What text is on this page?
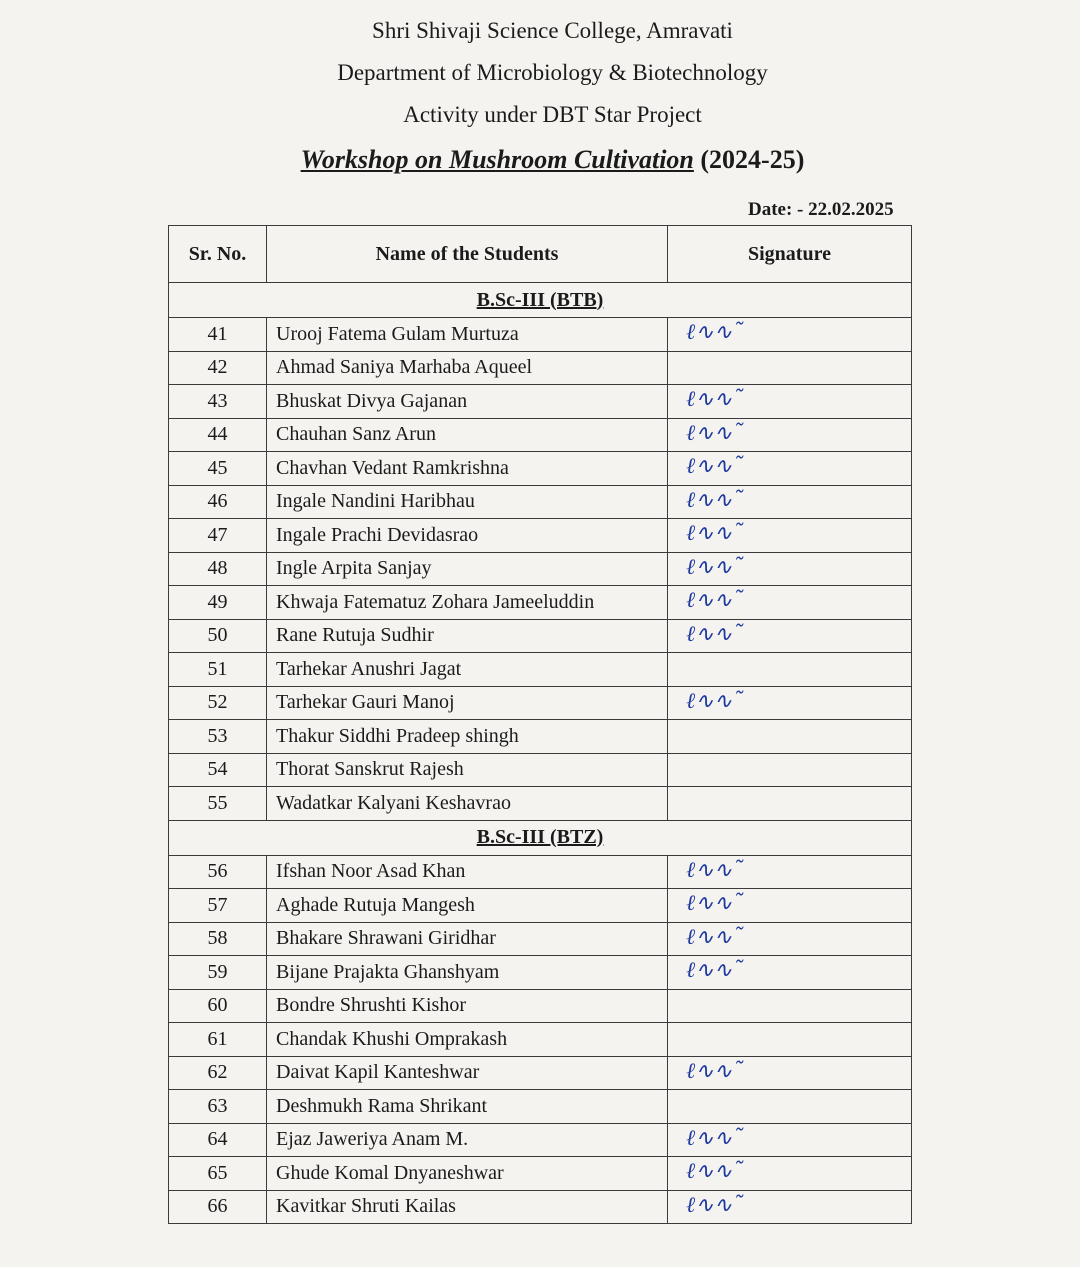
Shri Shivaji Science College, Amravati
Department of Microbiology & Biotechnology
Activity under DBT Star Project
Workshop on Mushroom Cultivation (2024-25)
Date: - 22.02.2025
Sr. No.	Name of the Students	Signature
B.Sc-III (BTB)		
41	Urooj Fatema Gulam Murtuza	ℓ∿∿˜

42	Ahmad Saniya Marhaba Aqueel	
43	Bhuskat Divya Gajanan	ℓ∿∿˜

44	Chauhan Sanz Arun	ℓ∿∿˜

45	Chavhan Vedant Ramkrishna	ℓ∿∿˜

46	Ingale Nandini Haribhau	ℓ∿∿˜

47	Ingale Prachi Devidasrao	ℓ∿∿˜

48	Ingle Arpita Sanjay	ℓ∿∿˜

49	Khwaja Fatematuz Zohara Jameeluddin	ℓ∿∿˜

50	Rane Rutuja Sudhir	ℓ∿∿˜

51	Tarhekar Anushri Jagat	
52	Tarhekar Gauri Manoj	ℓ∿∿˜

53	Thakur Siddhi Pradeep shingh	
54	Thorat Sanskrut Rajesh	
55	Wadatkar Kalyani Keshavrao	
B.Sc-III (BTZ)		
56	Ifshan Noor Asad Khan	ℓ∿∿˜

57	Aghade Rutuja Mangesh	ℓ∿∿˜

58	Bhakare Shrawani Giridhar	ℓ∿∿˜

59	Bijane Prajakta Ghanshyam	ℓ∿∿˜

60	Bondre Shrushti Kishor	
61	Chandak Khushi Omprakash	
62	Daivat Kapil Kanteshwar	ℓ∿∿˜

63	Deshmukh Rama Shrikant	
64	Ejaz Jaweriya Anam M.	ℓ∿∿˜

65	Ghude Komal Dnyaneshwar	ℓ∿∿˜

66	Kavitkar Shruti Kailas	ℓ∿∿˜
